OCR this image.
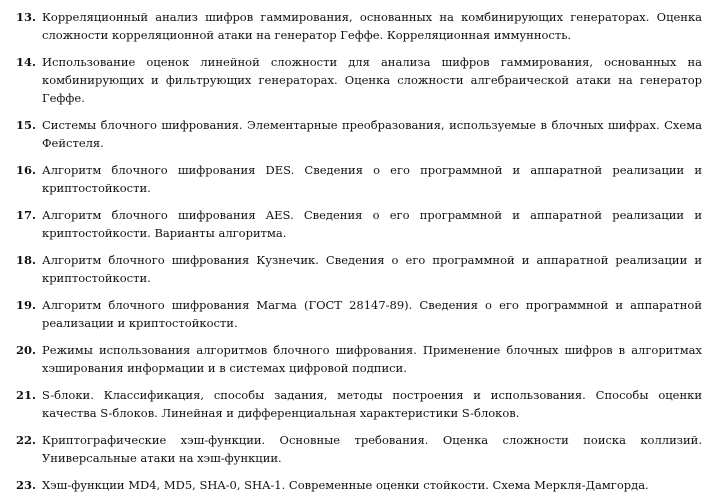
13. Корреляционный анализ шифров гаммирования, основанных на комбинирующих генераторах. Оценка сложности корреляционной атаки на генератор Геффе. Корреляционная иммунность.
14. Использование оценок линейной сложности для анализа шифров гаммирования, основанных на комбинирующих и фильтрующих генераторах. Оценка сложности алгебраической атаки на генератор Геффе.
15. Системы блочного шифрования. Элементарные преобразования, используемые в блочных шифрах. Схема Фейстеля.
16. Алгоритм блочного шифрования DES. Сведения о его программной и аппаратной реализации и криптостойкости.
17. Алгоритм блочного шифрования AES. Сведения о его программной и аппаратной реализации и криптостойкости. Варианты алгоритма.
18. Алгоритм блочного шифрования Кузнечик. Сведения о его программной и аппаратной реализации и криптостойкости.
19. Алгоритм блочного шифрования Магма (ГОСТ 28147-89). Сведения о его программной и аппаратной реализации и криптостойкости.
20. Режимы использования алгоритмов блочного шифрования. Применение блочных шифров в алгоритмах хэширования информации и в системах цифровой подписи.
21. S-блоки. Классификация, способы задания, методы построения и использования. Способы оценки качества S-блоков. Линейная и дифференциальная характеристики S-блоков.
22. Криптографические хэш-функции. Основные требования. Оценка сложности поиска коллизий. Универсальные атаки на хэш-функции.
23. Хэш-функции MD4, MD5, SHA-0, SHA-1. Современные оценки стойкости. Схема Меркля-Дамгорда.
